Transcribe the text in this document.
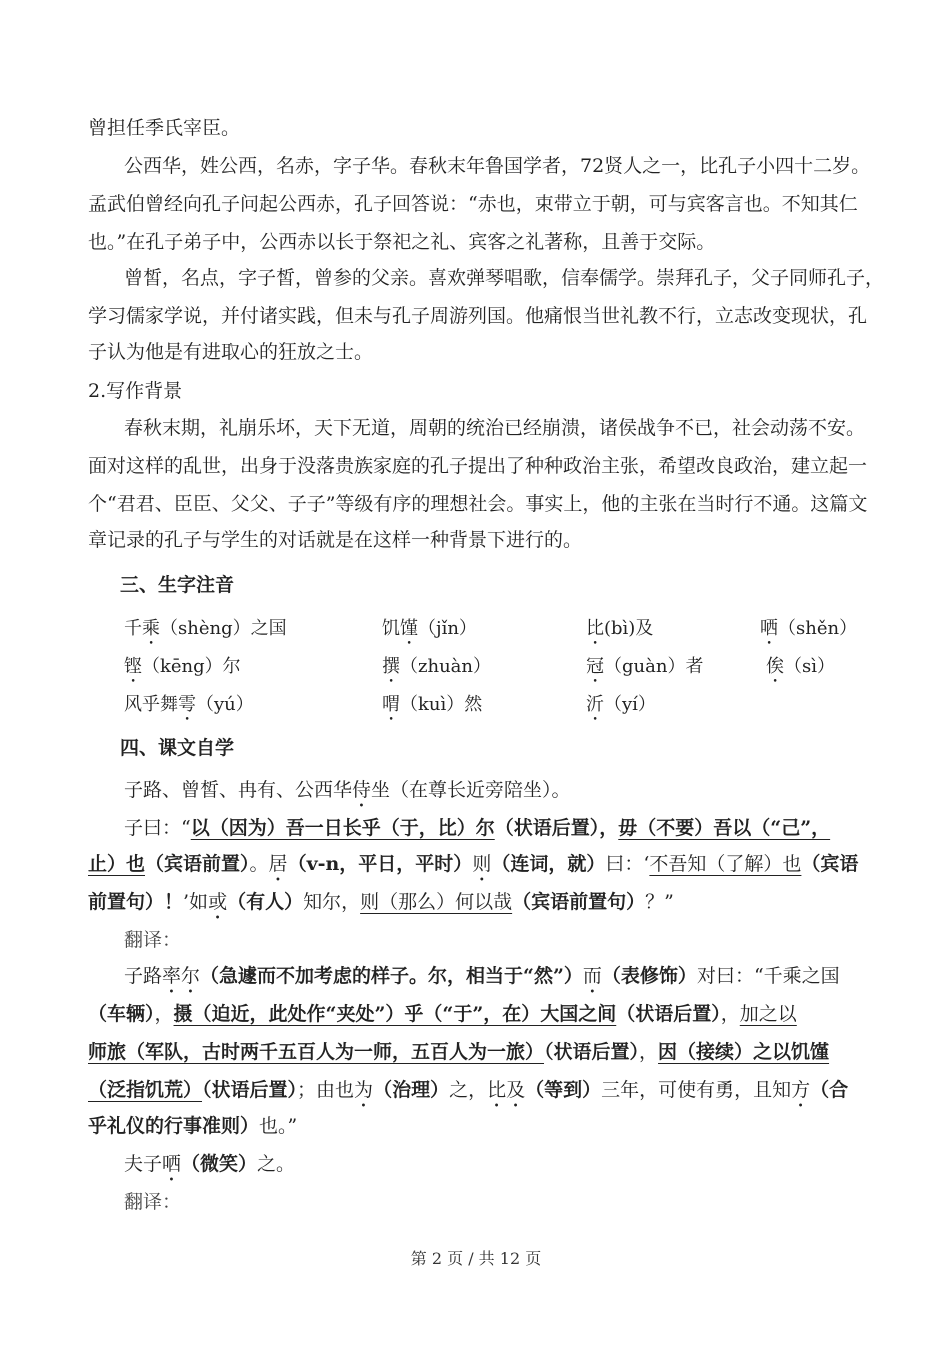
曾担任季氏宰臣。
公西华，姓公西，名赤，字子华。春秋末年鲁国学者，72贤人之一，比孔子小四十二岁。
孟武伯曾经向孔子问起公西赤，孔子回答说：“赤也，束带立于朝，可与宾客言也。不知其仁
也。”在孔子弟子中，公西赤以长于祭祀之礼、宾客之礼著称，且善于交际。
曾皙，名点，字子皙，曾参的父亲。喜欢弹琴唱歌，信奉儒学。崇拜孔子，父子同师孔子，
学习儒家学说，并付诸实践，但未与孔子周游列国。他痛恨当世礼教不行，立志改变现状，孔
子认为他是有进取心的狂放之士。
2.写作背景
春秋末期，礼崩乐坏，天下无道，周朝的统治已经崩溃，诸侯战争不已，社会动荡不安。
面对这样的乱世，出身于没落贵族家庭的孔子提出了种种政治主张，希望改良政治，建立起一
个“君君、臣臣、父父、子子”等级有序的理想社会。事实上，他的主张在当时行不通。这篇文
章记录的孔子与学生的对话就是在这样一种背景下进行的。
三、生字注音
千乘（shèng）之国	饥馑（jǐn）	比(bì)及	哂（shěn）
铿（kēng）尔	撰（zhuàn）	冠（guàn）者	俟（sì）
风乎舞雩（yú）	喟（kuì）然	沂（yí）
四、课文自学
子路、曾皙、冉有、公西华侍坐（在尊长近旁陪坐）。
子曰：“以（因为）吾一日长乎（于，比）尔（状语后置），毋（不要）吾以（“己”，
止）也（宾语前置）。居（v-n，平日，平时）则（连词，就）曰：‘不吾知（了解）也（宾语
前置句）！’如或（有人）知尔，则（那么）何以哉（宾语前置句）？”
翻译：
子路率尔（急遽而不加考虑的样子。尔，相当于“然”）而（表修饰）对曰：“千乘之国
（车辆），摄（迫近，此处作“夹处”）乎（“于”，在）大国之间（状语后置），加之以
师旅（军队，古时两千五百人为一师，五百人为一旅）（状语后置），因（接续）之以饥馑
（泛指饥荒）（状语后置）；由也为（治理）之，比及（等到）三年，可使有勇，且知方（合
乎礼仪的行事准则）也。”
夫子哂（微笑）之。
翻译：
第 2 页 / 共 12 页
